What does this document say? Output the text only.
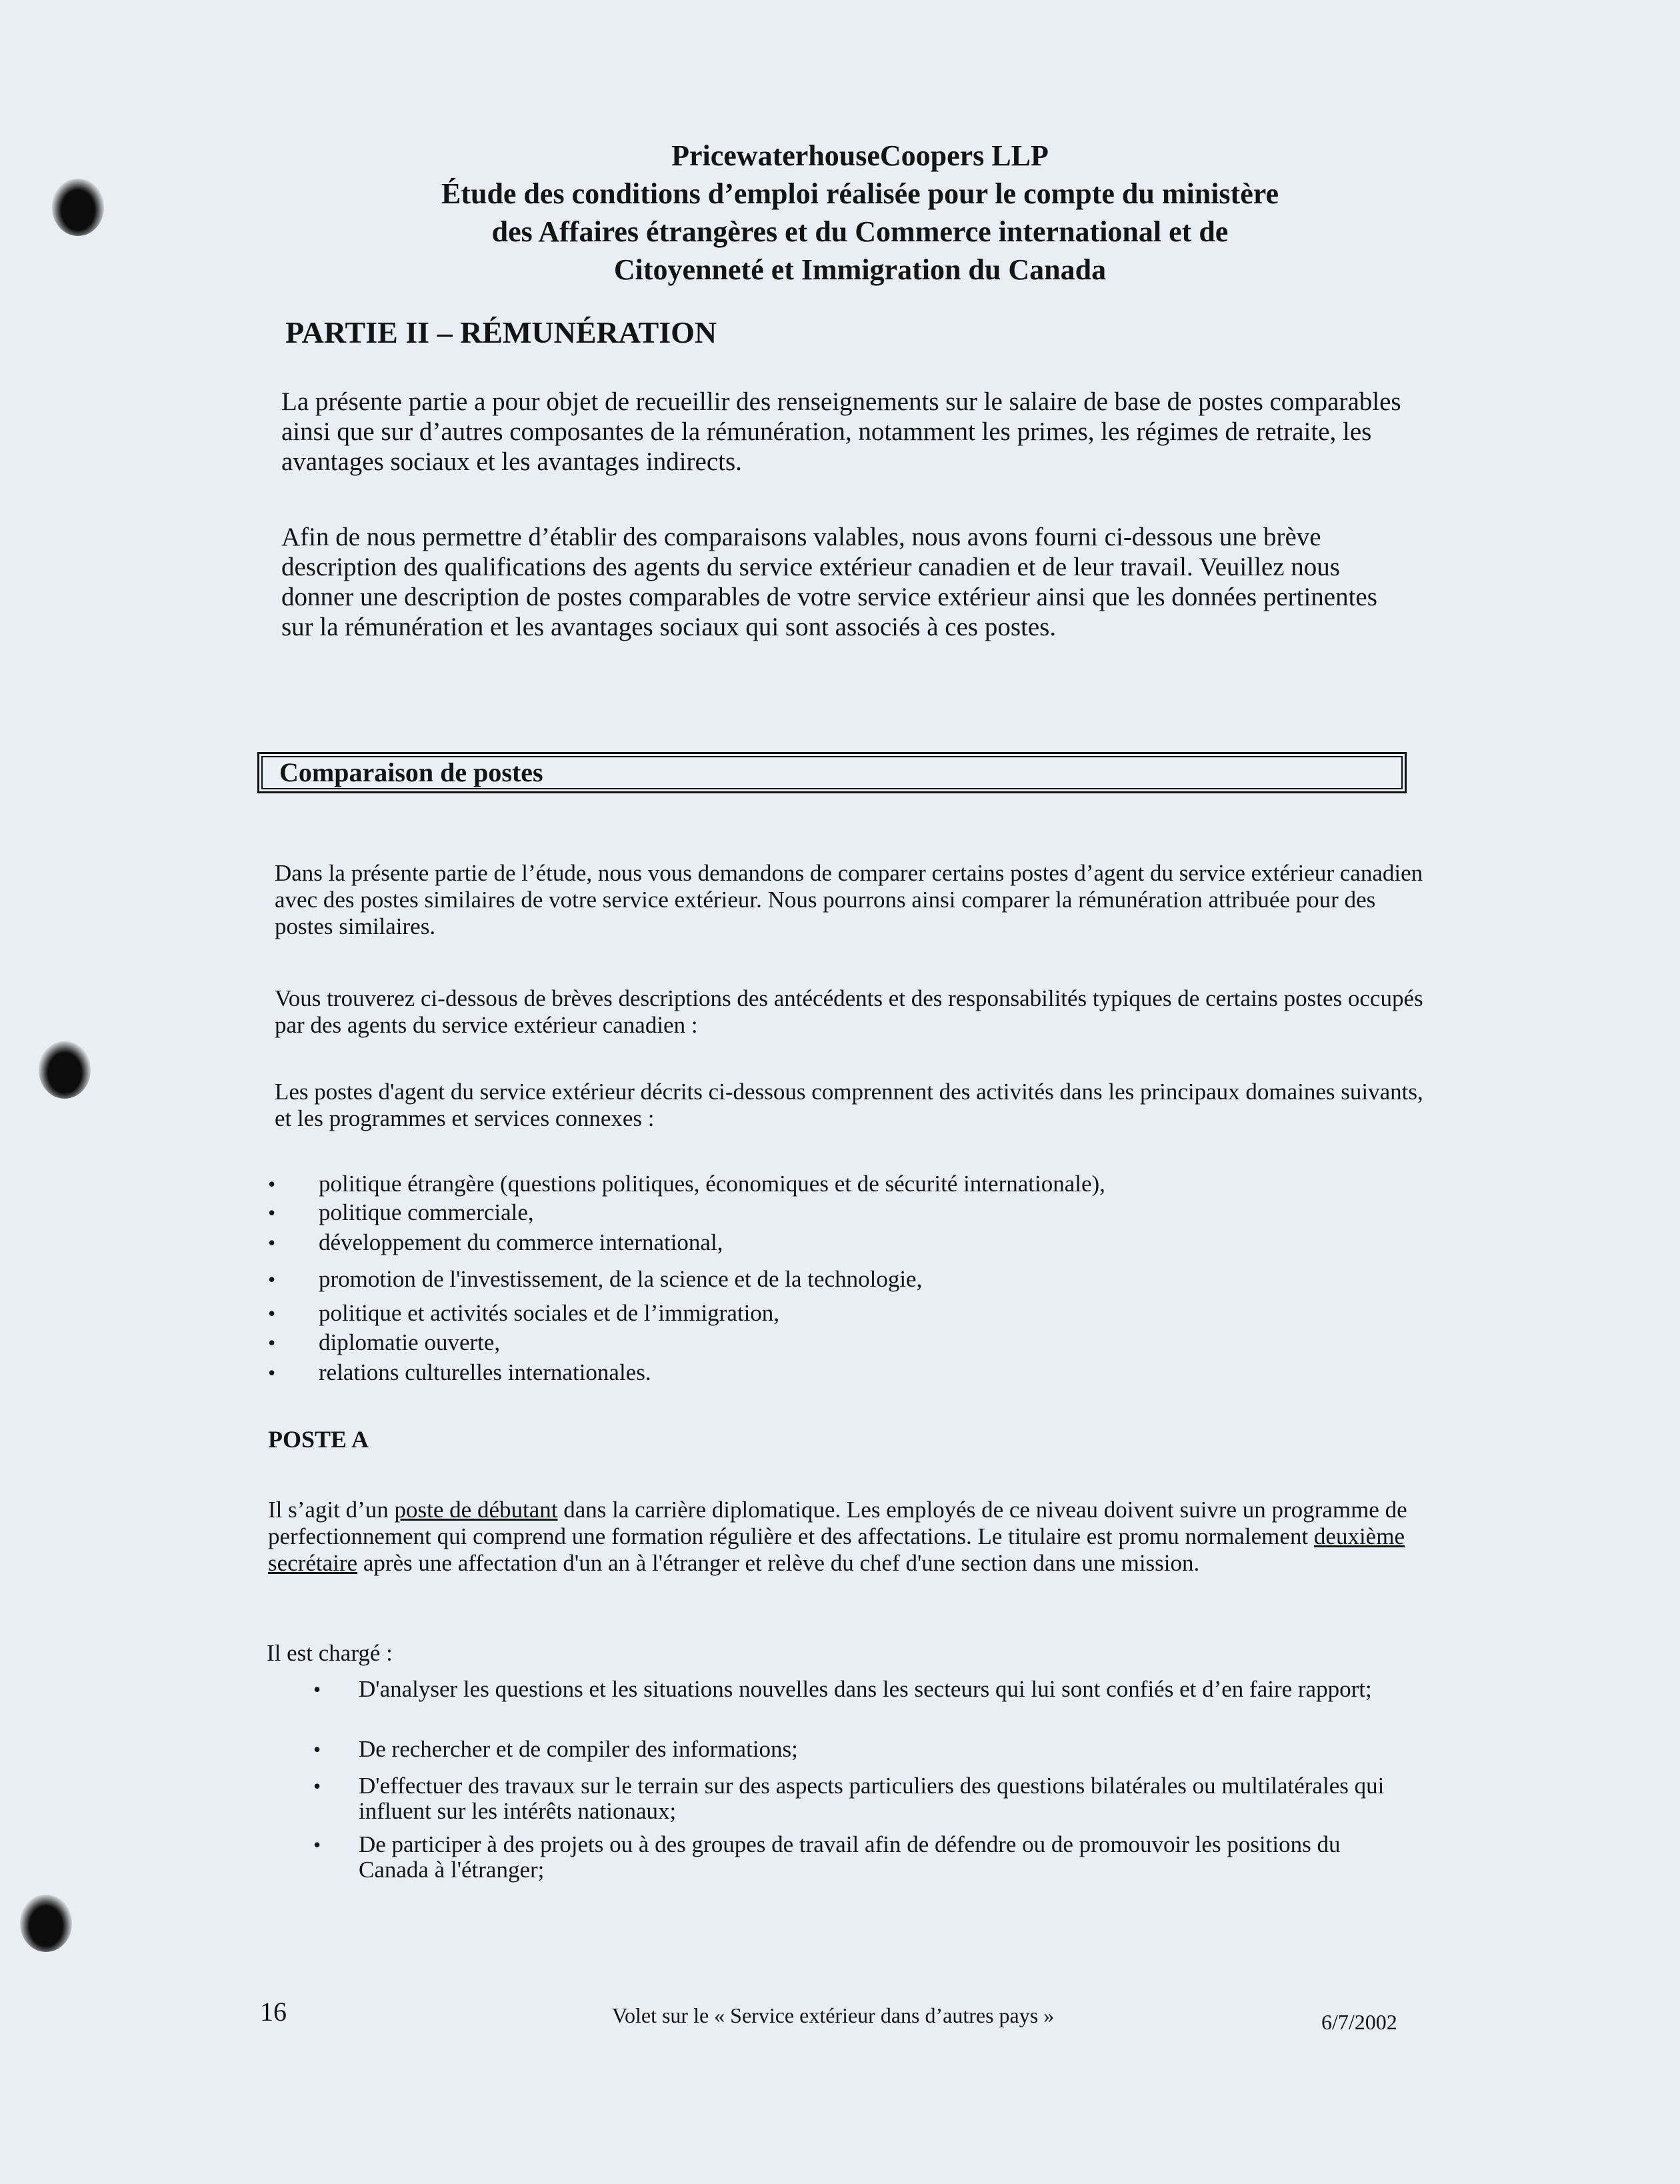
PricewaterhouseCoopers LLP
Étude des conditions d’emploi réalisée pour le compte du ministère
des Affaires étrangères et du Commerce international et de
Citoyenneté et Immigration du Canada
PARTIE II – RÉMUNÉRATION

La présente partie a pour objet de recueillir des renseignements sur le salaire de base de postes comparables ainsi que sur d’autres composantes de la rémunération, notamment les primes, les régimes de retraite, les avantages sociaux et les avantages indirects.

Afin de nous permettre d’établir des comparaisons valables, nous avons fourni ci-dessous une brève description des qualifications des agents du service extérieur canadien et de leur travail. Veuillez nous donner une description de postes comparables de votre service extérieur ainsi que les données pertinentes sur la rémunération et les avantages sociaux qui sont associés à ces postes.

Comparaison de postes

Dans la présente partie de l’étude, nous vous demandons de comparer certains postes d’agent du service extérieur canadien avec des postes similaires de votre service extérieur. Nous pourrons ainsi comparer la rémunération attribuée pour des postes similaires.

Vous trouverez ci-dessous de brèves descriptions des antécédents et des responsabilités typiques de certains postes occupés par des agents du service extérieur canadien :

Les postes d'agent du service extérieur décrits ci-dessous comprennent des activités dans les principaux domaines suivants, et les programmes et services connexes :

politique étrangère (questions politiques, économiques et de sécurité internationale),
politique commerciale,
développement du commerce international,
promotion de l'investissement, de la science et de la technologie,
politique et activités sociales et de l’immigration,
diplomatie ouverte,
relations culturelles internationales.
POSTE A

Il s’agit d’un poste de débutant dans la carrière diplomatique. Les employés de ce niveau doivent suivre un programme de perfectionnement qui comprend une formation régulière et des affectations. Le titulaire est promu normalement deuxième secrétaire après une affectation d'un an à l'étranger et relève du chef d'une section dans une mission.

Il est chargé :

• D'analyser les questions et les situations nouvelles dans les secteurs qui lui sont confiés et d’en faire rapport;
• De rechercher et de compiler des informations;
• D'effectuer des travaux sur le terrain sur des aspects particuliers des questions bilatérales ou multilatérales qui influent sur les intérêts nationaux;
• De participer à des projets ou à des groupes de travail afin de défendre ou de promouvoir les positions du Canada à l'étranger;
16	Volet sur le « Service extérieur dans d’autres pays »	6/7/2002
